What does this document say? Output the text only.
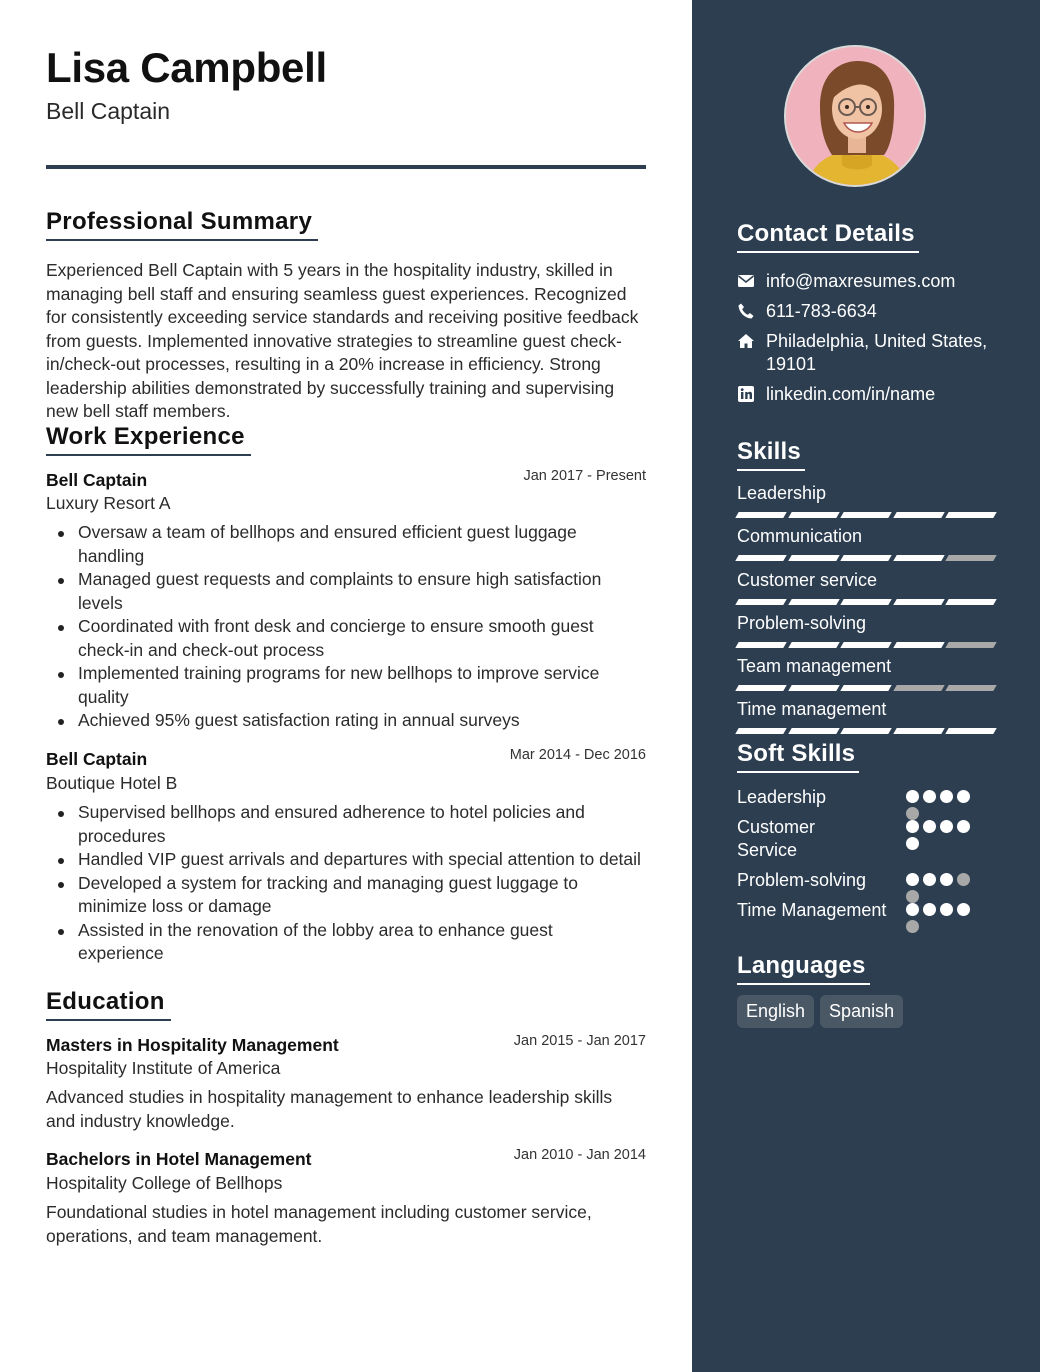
Lisa Campbell
Bell Captain
Professional Summary
Experienced Bell Captain with 5 years in the hospitality industry, skilled in managing bell staff and ensuring seamless guest experiences. Recognized for consistently exceeding service standards and receiving positive feedback from guests. Implemented innovative strategies to streamline guest check-in/check-out processes, resulting in a 20% increase in efficiency. Strong leadership abilities demonstrated by successfully training and supervising new bell staff members.
Work Experience
Bell Captain	Jan 2017 - Present
Luxury Resort A
Oversaw a team of bellhops and ensured efficient guest luggage handling
Managed guest requests and complaints to ensure high satisfaction levels
Coordinated with front desk and concierge to ensure smooth guest check-in and check-out process
Implemented training programs for new bellhops to improve service quality
Achieved 95% guest satisfaction rating in annual surveys
Bell Captain	Mar 2014 - Dec 2016
Boutique Hotel B
Supervised bellhops and ensured adherence to hotel policies and procedures
Handled VIP guest arrivals and departures with special attention to detail
Developed a system for tracking and managing guest luggage to minimize loss or damage
Assisted in the renovation of the lobby area to enhance guest experience
Education
Masters in Hospitality Management	Jan 2015 - Jan 2017
Hospitality Institute of America
Advanced studies in hospitality management to enhance leadership skills and industry knowledge.
Bachelors in Hotel Management	Jan 2010 - Jan 2014
Hospitality College of Bellhops
Foundational studies in hotel management including customer service, operations, and team management.
Contact Details
info@maxresumes.com
611-783-6634
Philadelphia, United States, 19101
linkedin.com/in/name
Skills
Leadership
Communication
Customer service
Problem-solving
Team management
Time management
Soft Skills
Leadership
Customer Service
Problem-solving
Time Management
Languages
English	Spanish
